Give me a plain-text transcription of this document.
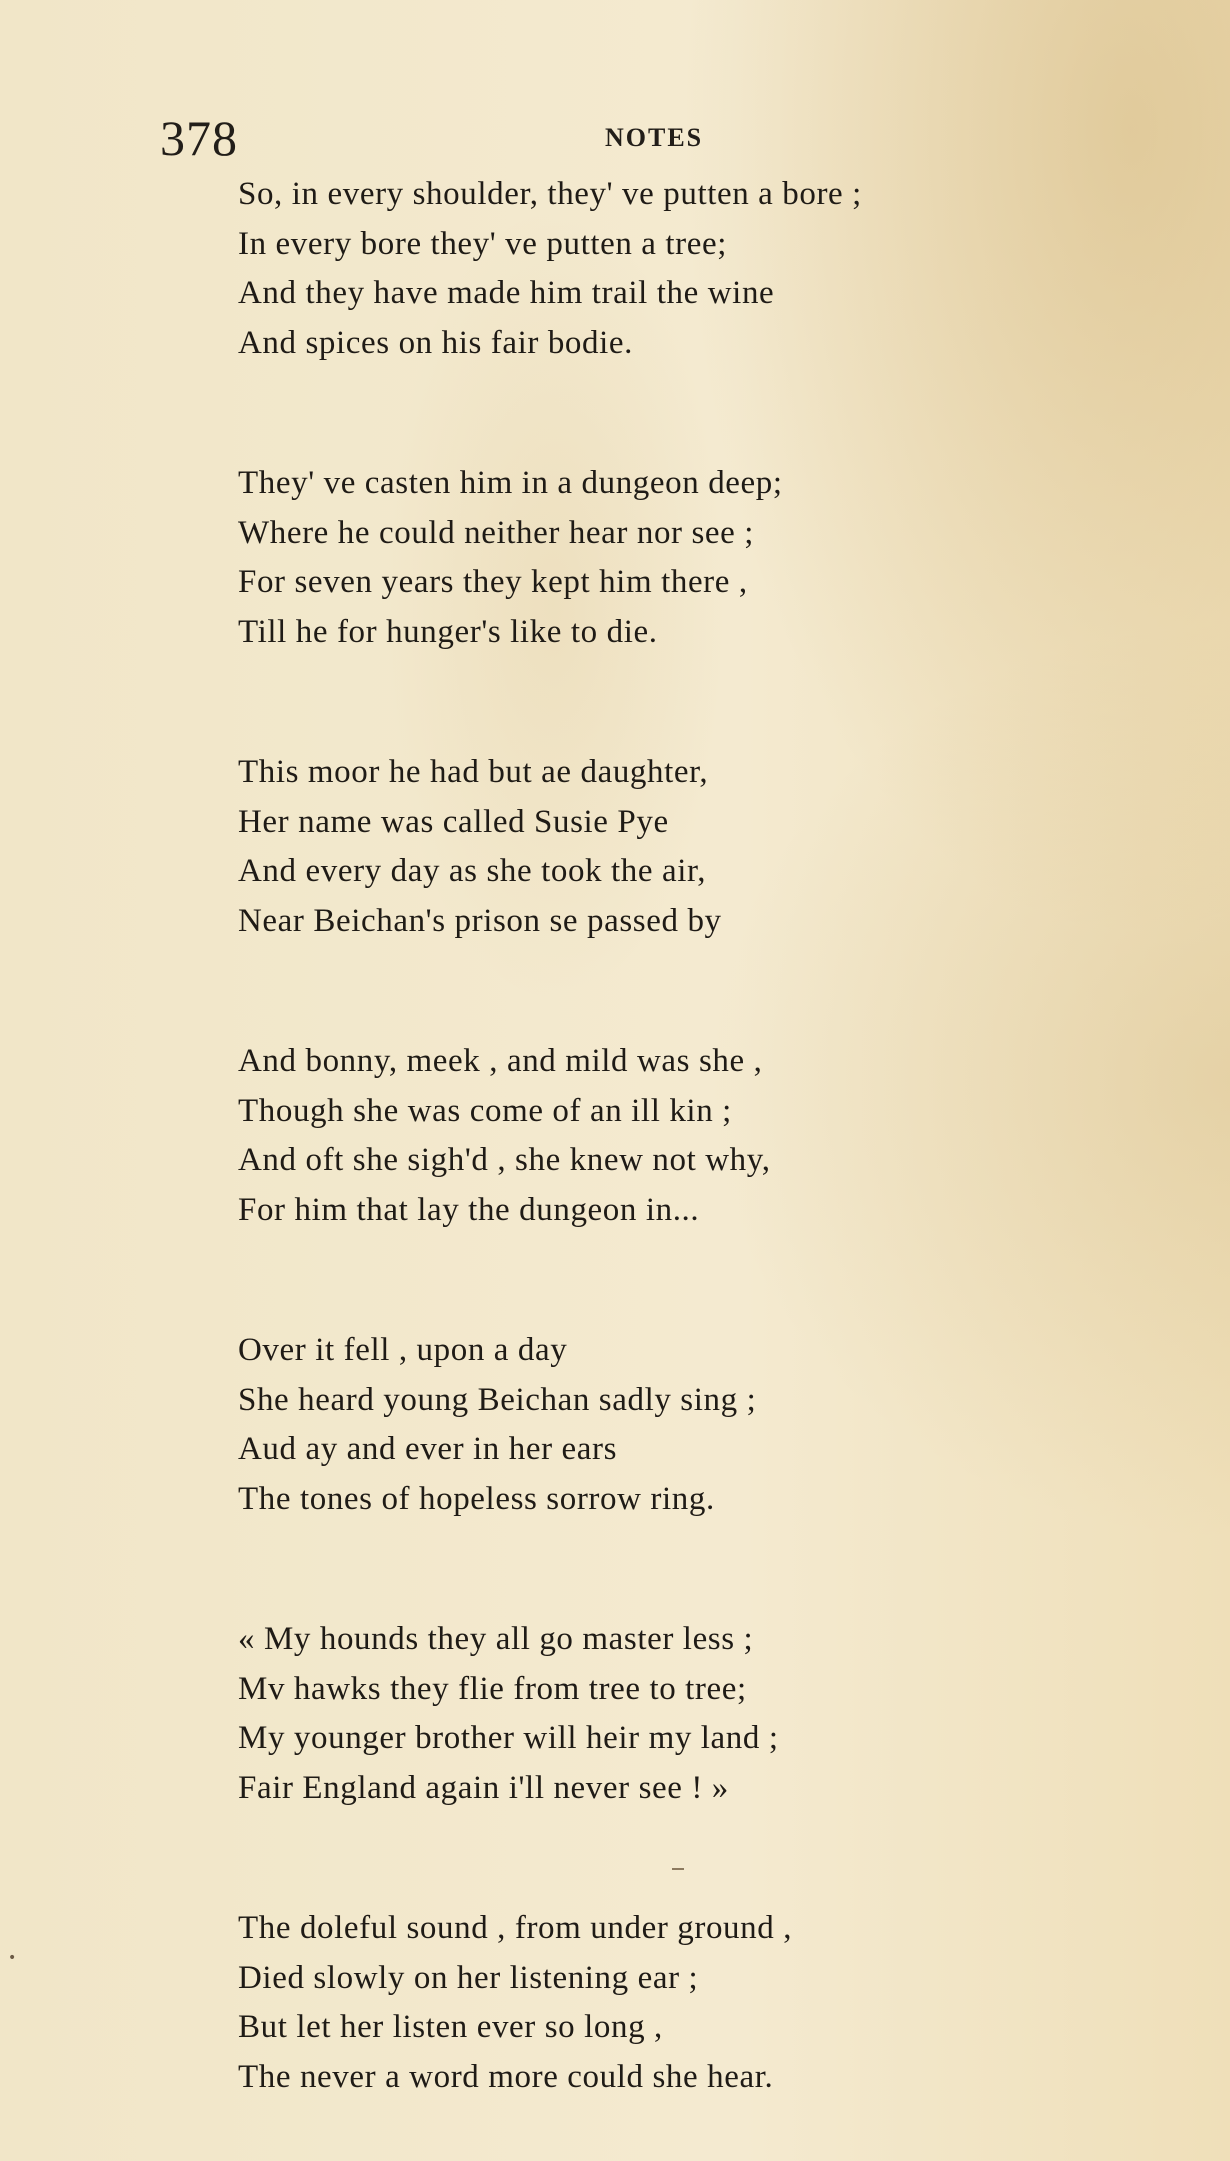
378	NOTES
So, in every shoulder, they' ve putten a bore ;
In every bore they' ve putten a tree;
And they have made him trail the wine
And spices on his fair bodie.
They' ve casten him in a dungeon deep;
Where he could neither hear nor see ;
For seven years they kept him there ,
Till he for hunger's like to die.
This moor he had but ae daughter,
Her name was called Susie Pye
And every day as she took the air,
Near Beichan's prison se passed by
And bonny, meek , and mild was she ,
Though she was come of an ill kin ;
And oft she sigh'd , she knew not why,
For him that lay the dungeon in...
Over it fell , upon a day
She heard young Beichan sadly sing ;
Aud ay and ever in her ears
The tones of hopeless sorrow ring.
« My hounds they all go master less ;
Mv hawks they flie from tree to tree;
My younger brother will heir my land ;
Fair England again i'll never see ! »
The doleful sound , from under ground ,
Died slowly on her listening ear ;
But let her listen ever so long ,
The never a word more could she hear.
•
